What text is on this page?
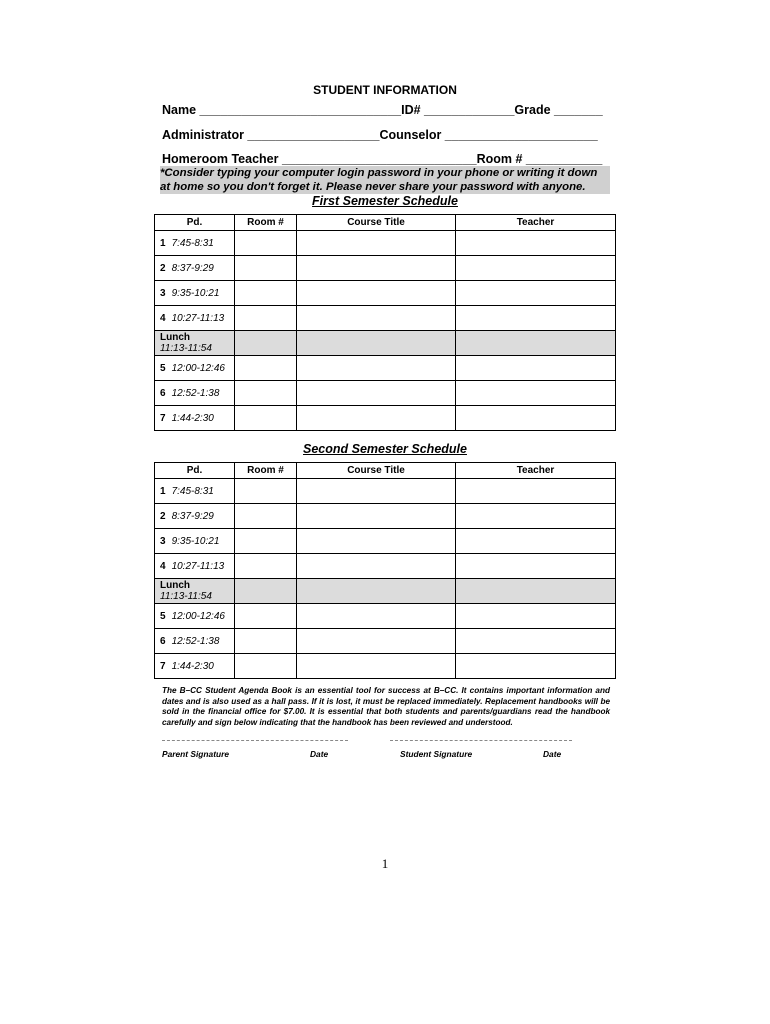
STUDENT INFORMATION
Name _____________________________ID# _____________Grade _______
Administrator ___________________Counselor ______________________
Homeroom Teacher ____________________________Room # ___________
*Consider typing your computer login password in your phone or writing it down at home so you don't forget it. Please never share your password with anyone.
First Semester Schedule
Pd.	Room #	Course Title	Teacher
1 7:45-8:31			
2 8:37-9:29			
3 9:35-10:21			
4 10:27-11:13			

Lunch
11:13-11:54			

5 12:00-12:46			
6 12:52-1:38			
7 1:44-2:30			
Second Semester Schedule
Pd.	Room #	Course Title	Teacher
1 7:45-8:31			
2 8:37-9:29			
3 9:35-10:21			
4 10:27-11:13			

Lunch
11:13-11:54			

5 12:00-12:46			
6 12:52-1:38			
7 1:44-2:30			
The B–CC Student Agenda Book is an essential tool for success at B–CC. It contains important information and dates and is also used as a hall pass. If it is lost, it must be replaced immediately. Replacement handbooks will be sold in the financial office for $7.00. It is essential that both students and parents/guardians read the handbook carefully and sign below indicating that the handbook has been reviewed and understood.
Parent Signature	Date	Student Signature	Date
1
